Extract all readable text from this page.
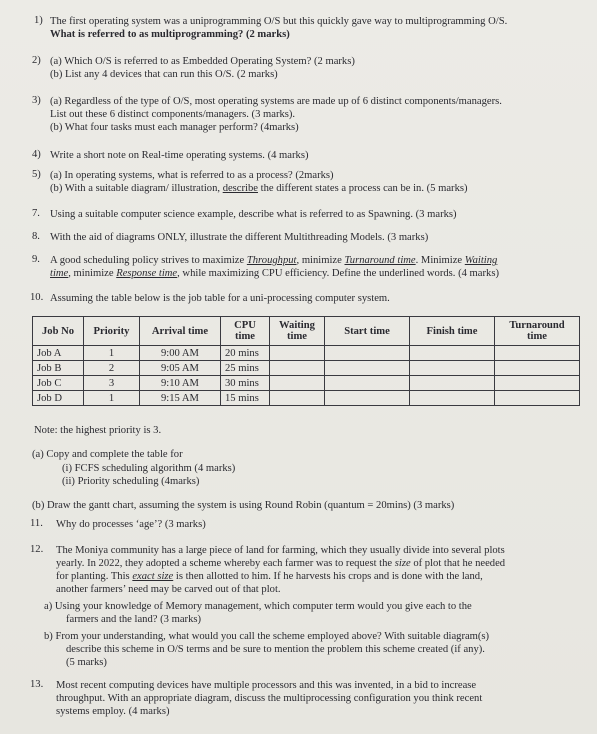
1) The first operating system was a uniprogramming O/S but this quickly gave way to multiprogramming O/S.
What is referred to as multiprogramming? (2 marks)
2) (a) Which O/S is referred to as Embedded Operating System? (2 marks)
(b) List any 4 devices that can run this O/S. (2 marks)
3) (a) Regardless of the type of O/S, most operating systems are made up of 6 distinct components/managers.
List out these 6 distinct components/managers. (3 marks).
(b) What four tasks must each manager perform? (4marks)
4) Write a short note on Real-time operating systems. (4 marks)
5) (a) In operating systems, what is referred to as a process? (2marks)
(b) With a suitable diagram/ illustration, describe the different states a process can be in. (5 marks)
7. Using a suitable computer science example, describe what is referred to as Spawning. (3 marks)
8. With the aid of diagrams ONLY, illustrate the different Multithreading Models. (3 marks)
9. A good scheduling policy strives to maximize Throughput, minimize Turnaround time. Minimize Waiting
time, minimize Response time, while maximizing CPU efficiency. Define the underlined words. (4 marks)
10. Assuming the table below is the job table for a uni-processing computer system.
Job No	Priority	Arrival time	CPU time	Waiting time	Start time	Finish time	Turnaround time
Job A	1	9:00 AM	20 mins				
Job B	2	9:05 AM	25 mins				
Job C	3	9:10 AM	30 mins				
Job D	1	9:15 AM	15 mins				
Note: the highest priority is 3.
(a) Copy and complete the table for
(i) FCFS scheduling algorithm (4 marks)
(ii) Priority scheduling (4marks)
(b) Draw the gantt chart, assuming the system is using Round Robin (quantum = 20mins) (3 marks)
11. Why do processes ‘age’? (3 marks)
12. The Moniya community has a large piece of land for farming, which they usually divide into several plots
yearly. In 2022, they adopted a scheme whereby each farmer was to request the size of plot that he needed
for planting. This exact size is then allotted to him. If he harvests his crops and is done with the land,
another farmers’ need may be carved out of that plot.
a) Using your knowledge of Memory management, which computer term would you give each to the
farmers and the land? (3 marks)
b) From your understanding, what would you call the scheme employed above? With suitable diagram(s)
describe this scheme in O/S terms and be sure to mention the problem this scheme created (if any).
(5 marks)
13. Most recent computing devices have multiple processors and this was invented, in a bid to increase
throughput. With an appropriate diagram, discuss the multiprocessing configuration you think recent
systems employ. (4 marks)
